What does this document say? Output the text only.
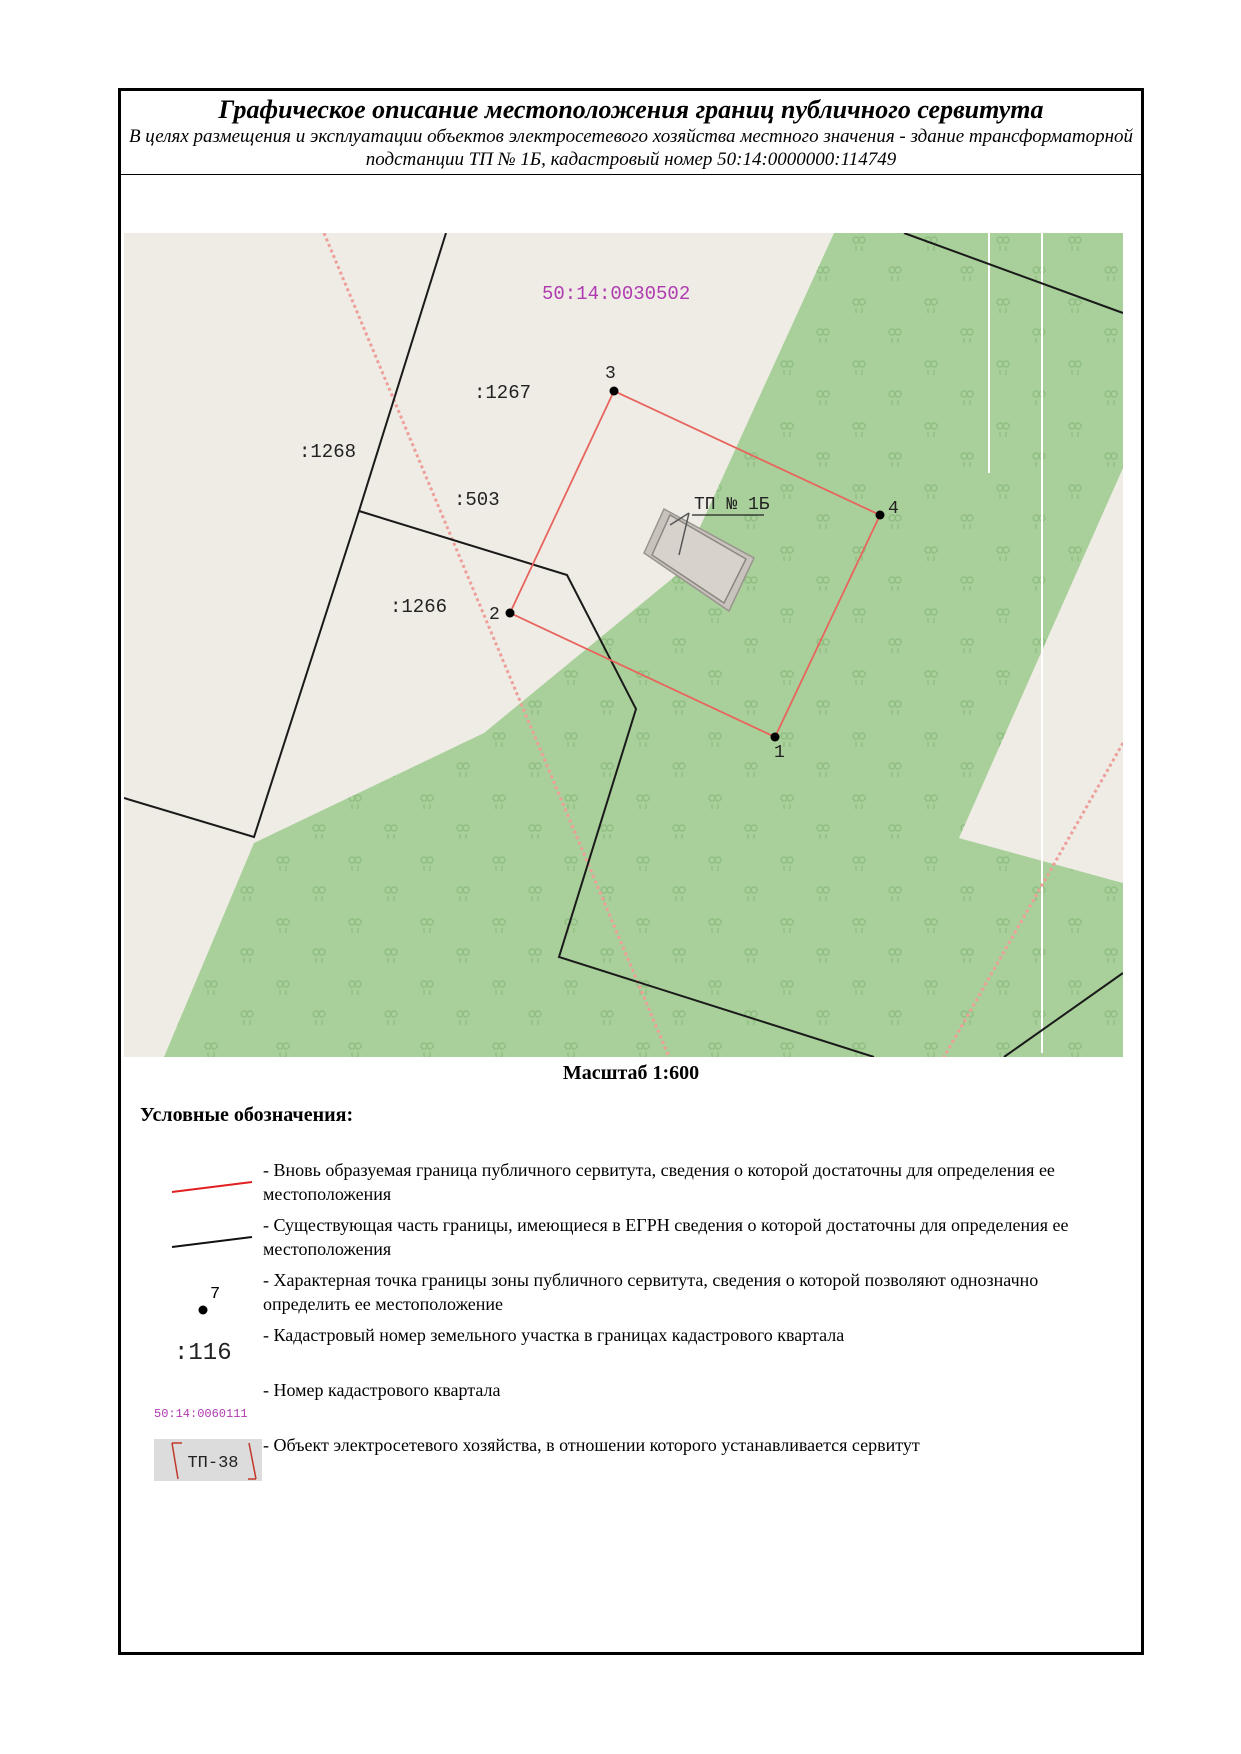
Графическое описание местоположения границ публичного сервитута
В целях размещения и эксплуатации объектов электросетевого хозяйства местного значения - здание трансформаторной подстанции ТП № 1Б, кадастровый номер 50:14:0000000:114749
1
2
3
4
50:14:0030502
:1267
:1268
:503
:1266
ТП № 1Б
Масштаб 1:600
Условные обозначения:
- Вновь образуемая граница публичного сервитута, сведения о которой достаточны для определения ее местоположения
- Существующая часть границы, имеющиеся в ЕГРН сведения о которой достаточны для определения ее местоположения
7
- Характерная точка границы зоны публичного сервитута, сведения о которой позволяют однозначно определить ее местоположение
:116
- Кадастровый номер земельного участка в границах кадастрового квартала
50:14:0060111
- Номер кадастрового квартала
ТП-38
- Объект электросетевого хозяйства, в отношении которого устанавливается сервитут
